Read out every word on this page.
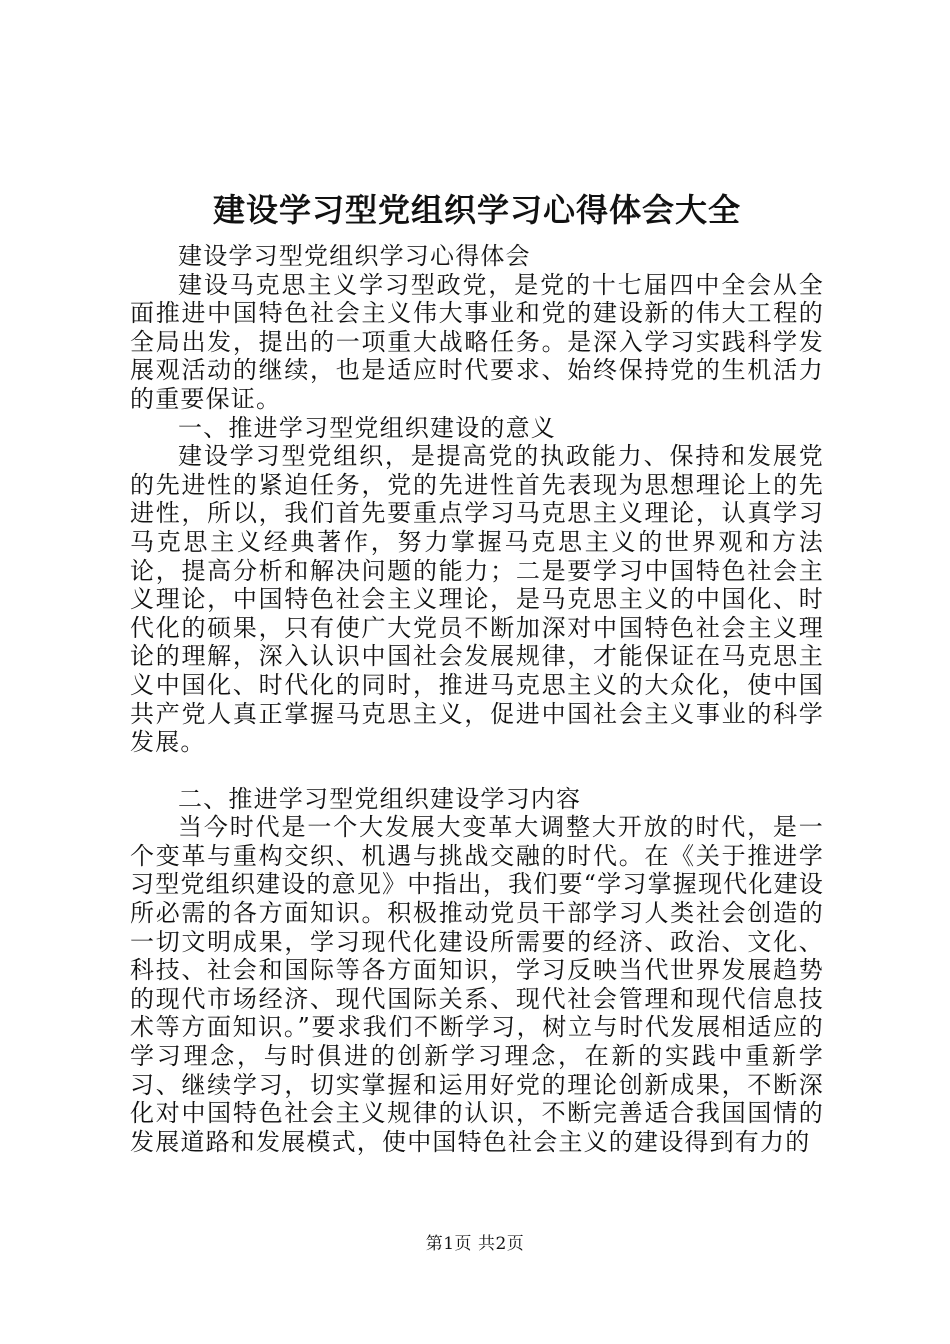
建设学习型党组织学习心得体会大全

建设学习型党组织学习心得体会

建设马克思主义学习型政党，是党的十七届四中全会从全面推进中国特色社会主义伟大事业和党的建设新的伟大工程的全局出发，提出的一项重大战略任务。是深入学习实践科学发展观活动的继续，也是适应时代要求、始终保持党的生机活力的重要保证。

一、推进学习型党组织建设的意义

建设学习型党组织，是提高党的执政能力、保持和发展党的先进性的紧迫任务，党的先进性首先表现为思想理论上的先进性，所以，我们首先要重点学习马克思主义理论，认真学习马克思主义经典著作，努力掌握马克思主义的世界观和方法论，提高分析和解决问题的能力；二是要学习中国特色社会主义理论，中国特色社会主义理论，是马克思主义的中国化、时代化的硕果，只有使广大党员不断加深对中国特色社会主义理论的理解，深入认识中国社会发展规律，才能保证在马克思主义中国化、时代化的同时，推进马克思主义的大众化，使中国共产党人真正掌握马克思主义，促进中国社会主义事业的科学发展。

二、推进学习型党组织建设学习内容

当今时代是一个大发展大变革大调整大开放的时代，是一个变革与重构交织、机遇与挑战交融的时代。在《关于推进学习型党组织建设的意见》中指出，我们要“学习掌握现代化建设所必需的各方面知识。积极推动党员干部学习人类社会创造的一切文明成果，学习现代化建设所需要的经济、政治、文化、科技、社会和国际等各方面知识，学习反映当代世界发展趋势的现代市场经济、现代国际关系、现代社会管理和现代信息技术等方面知识。”要求我们不断学习，树立与时代发展相适应的学习理念，与时俱进的创新学习理念，在新的实践中重新学习、继续学习，切实掌握和运用好党的理论创新成果，不断深化对中国特色社会主义规律的认识，不断完善适合我国国情的发展道路和发展模式，使中国特色社会主义的建设得到有力的

第1页 共2页
